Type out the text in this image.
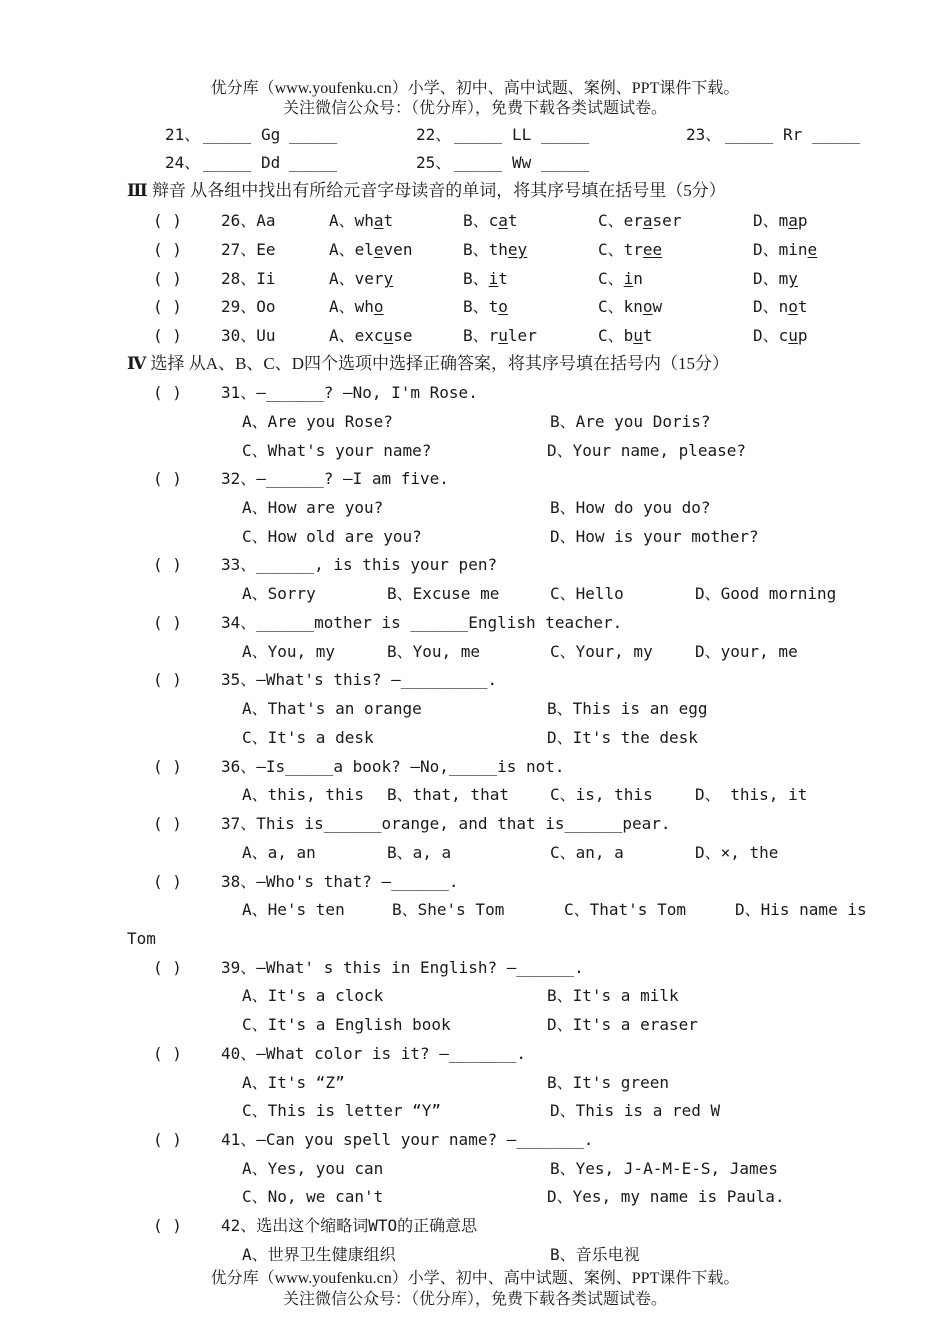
优分库（www.youfenku.cn）小学、初中、高中试题、案例、PPT课件下载。
关注微信公众号：（优分库），免费下载各类试题试卷。
21、 _____ Gg _____	22、 _____ LL _____	23、 _____ Rr _____
24、 _____ Dd _____	25、 _____ Ww _____
Ⅲ 辩音 从各组中找出有所给元音字母读音的单词，将其序号填在括号里（5分）
( ) 26、Aa	A、what	B、cat	C、eraser	D、map
( ) 27、Ee	A、eleven	B、they	C、tree	D、mine
( ) 28、Ii	A、very	B、it	C、in	D、my
( ) 29、Oo	A、who	B、to	C、know	D、not
( ) 30、Uu	A、excuse	B、ruler	C、but	D、cup
Ⅳ 选择 从A、B、C、D四个选项中选择正确答案，将其序号填在括号内（15分）
( ) 31、—______? —No, I'm Rose.
A、Are you Rose?	B、Are you Doris?
C、What's your name?	D、Your name, please?
( ) 32、—______? —I am five.
A、How are you?	B、How do you do?
C、How old are you?	D、How is your mother?
( ) 33、______, is this your pen?
A、Sorry	B、Excuse me	C、Hello	D、Good morning
( ) 34、______mother is ______English teacher.
A、You, my	B、You, me	C、Your, my	D、your, me
( ) 35、—What's this? —_________.
A、That's an orange	B、This is an egg
C、It's a desk	D、It's the desk
( ) 36、—Is_____a book? —No,_____is not.
A、this, this B、that, that	C、is, this	D、 this, it
( ) 37、This is______orange, and that is______pear.
A、a, an	B、a, a	C、an, a	D、×, the
( ) 38、—Who's that? —______.
A、He's ten	B、She's Tom	C、That's Tom	D、His name is
Tom
( ) 39、—What' s this in English? —______.
A、It's a clock	B、It's a milk
C、It's a English book	D、It's a eraser
( ) 40、—What color is it? —_______.
A、It's “Z”	B、It's green
C、This is letter “Y”	D、This is a red W
( ) 41、—Can you spell your name? —_______.
A、Yes, you can	B、Yes, J-A-M-E-S, James
C、No, we can't	D、Yes, my name is Paula.
( ) 42、选出这个缩略词WTO的正确意思
A、世界卫生健康组织	B、音乐电视
优分库（www.youfenku.cn）小学、初中、高中试题、案例、PPT课件下载。
关注微信公众号：（优分库），免费下载各类试题试卷。
